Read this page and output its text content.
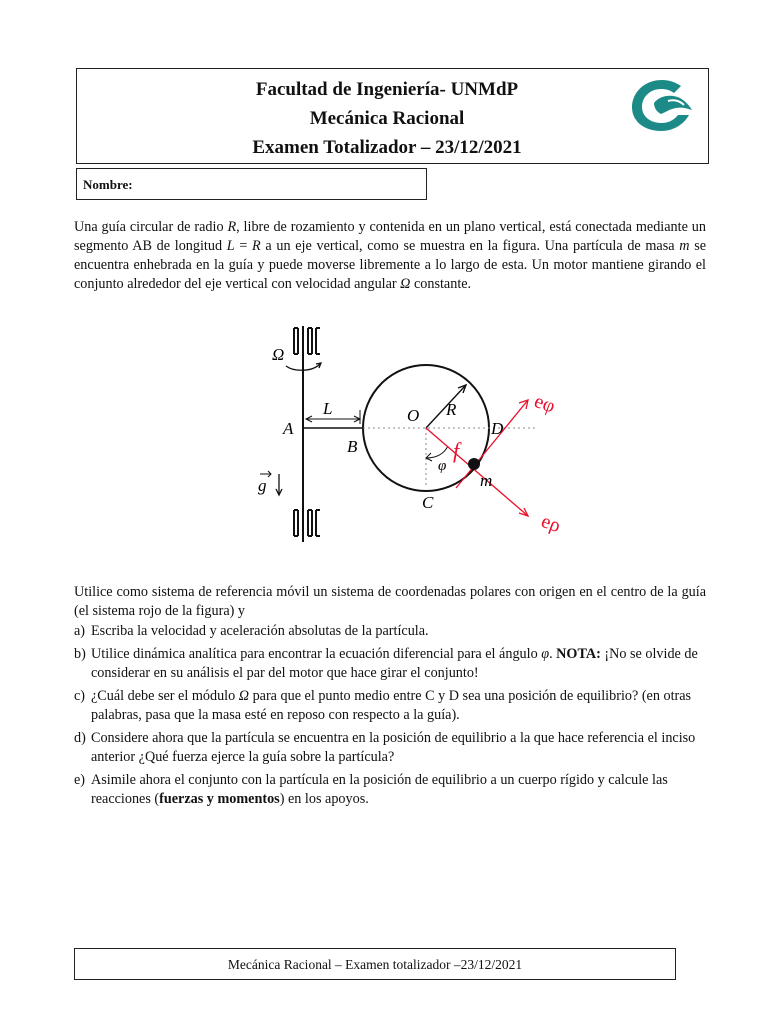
Facultad de Ingeniería- UNMdP
Mecánica Racional
Examen Totalizador – 23/12/2021
Nombre:
Una guía circular de radio R, libre de rozamiento y contenida en un plano vertical, está conectada mediante un segmento AB de longitud L = R a un eje vertical, como se muestra en la figura. Una partícula de masa m se encuentra enhebrada en la guía y puede moverse libremente a lo largo de esta. Un motor mantiene girando el conjunto alrededor del eje vertical con velocidad angular Ω constante.
Ω
L
A
B
R
O
D
C
φ
f
m
eφ
eρ
g
Utilice como sistema de referencia móvil un sistema de coordenadas polares con origen en el centro de la guía (el sistema rojo de la figura) y
a) Escriba la velocidad y aceleración absolutas de la partícula.
b) Utilice dinámica analítica para encontrar la ecuación diferencial para el ángulo φ. NOTA: ¡No se olvide de considerar en su análisis el par del motor que hace girar el conjunto!
c) ¿Cuál debe ser el módulo Ω para que el punto medio entre C y D sea una posición de equilibrio? (en otras palabras, pasa que la masa esté en reposo con respecto a la guía).
d) Considere ahora que la partícula se encuentra en la posición de equilibrio a la que hace referencia el inciso anterior ¿Qué fuerza ejerce la guía sobre la partícula?
e) Asimile ahora el conjunto con la partícula en la posición de equilibrio a un cuerpo rígido y calcule las reacciones (fuerzas y momentos) en los apoyos.
Mecánica Racional – Examen totalizador –23/12/2021
